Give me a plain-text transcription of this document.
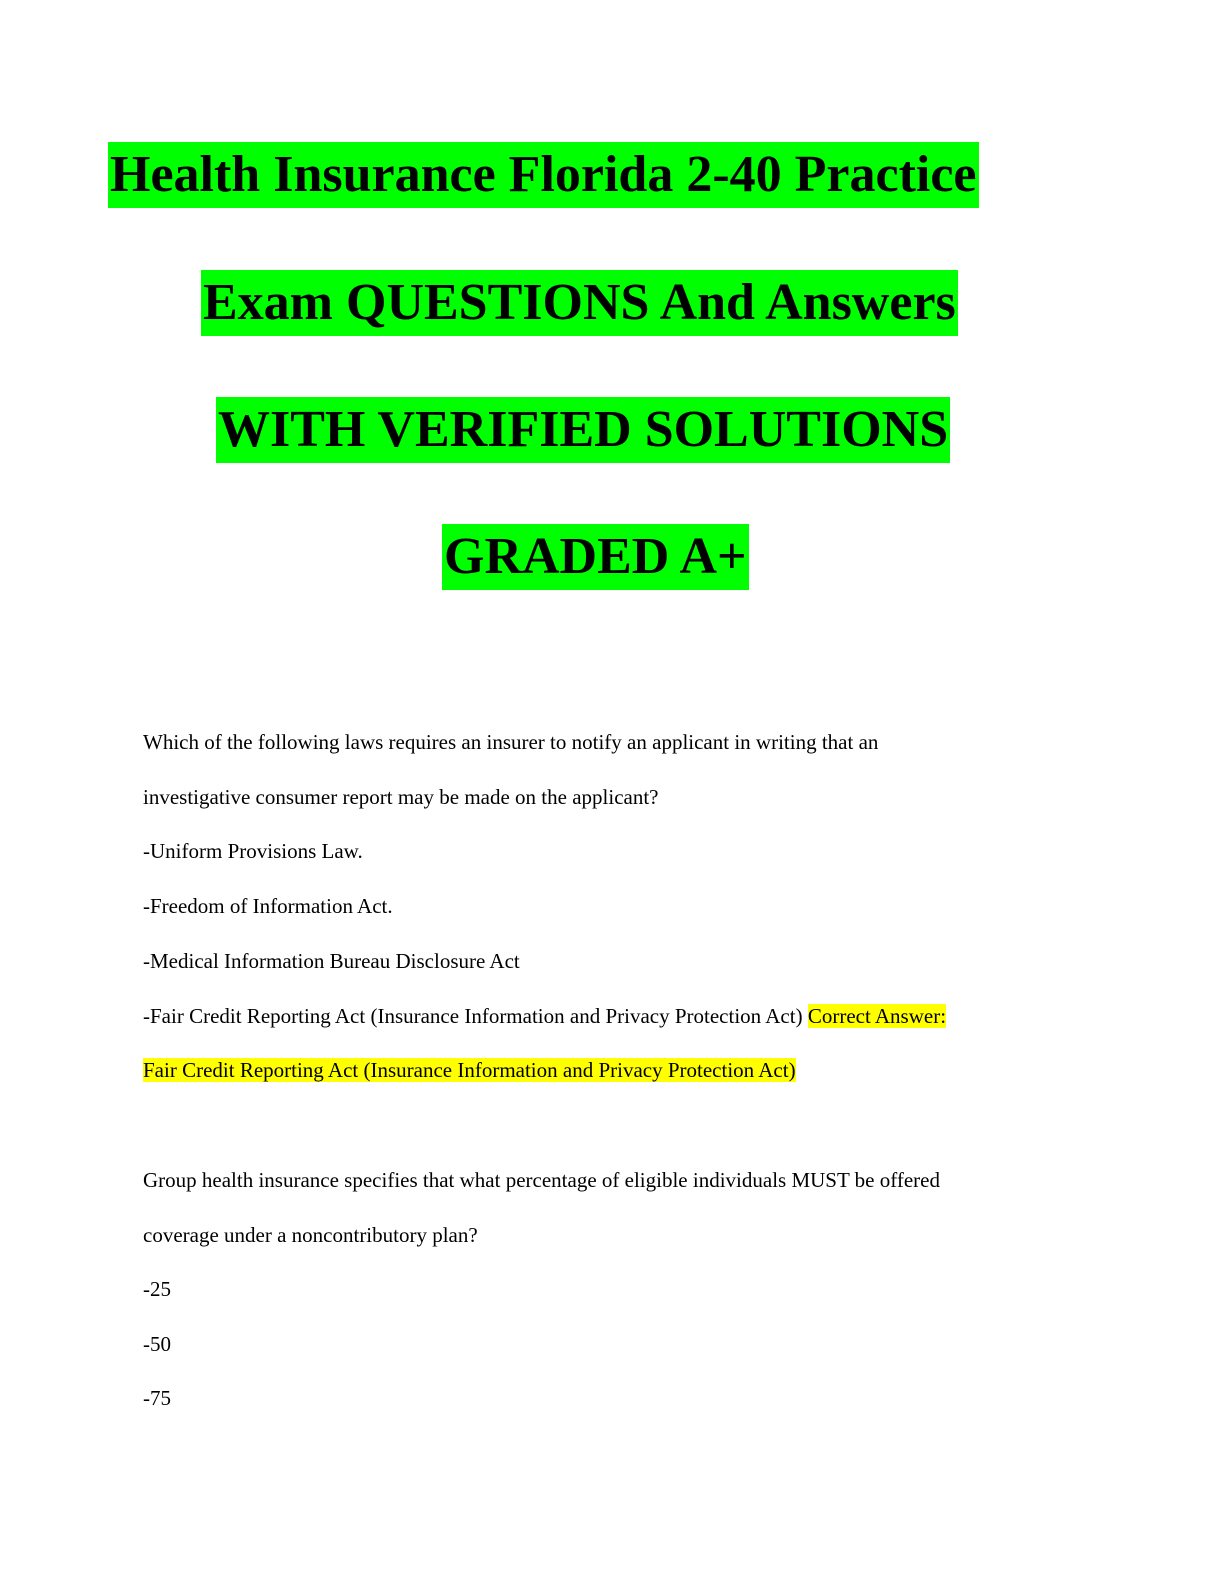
Health Insurance Florida 2-40 Practice
Exam QUESTIONS And Answers
WITH VERIFIED SOLUTIONS
GRADED A+
Which of the following laws requires an insurer to notify an applicant in writing that an
investigative consumer report may be made on the applicant?
-Uniform Provisions Law.
-Freedom of Information Act.
-Medical Information Bureau Disclosure Act
-Fair Credit Reporting Act (Insurance Information and Privacy Protection Act) Correct Answer:
Fair Credit Reporting Act (Insurance Information and Privacy Protection Act)
Group health insurance specifies that what percentage of eligible individuals MUST be offered
coverage under a noncontributory plan?
-25
-50
-75
